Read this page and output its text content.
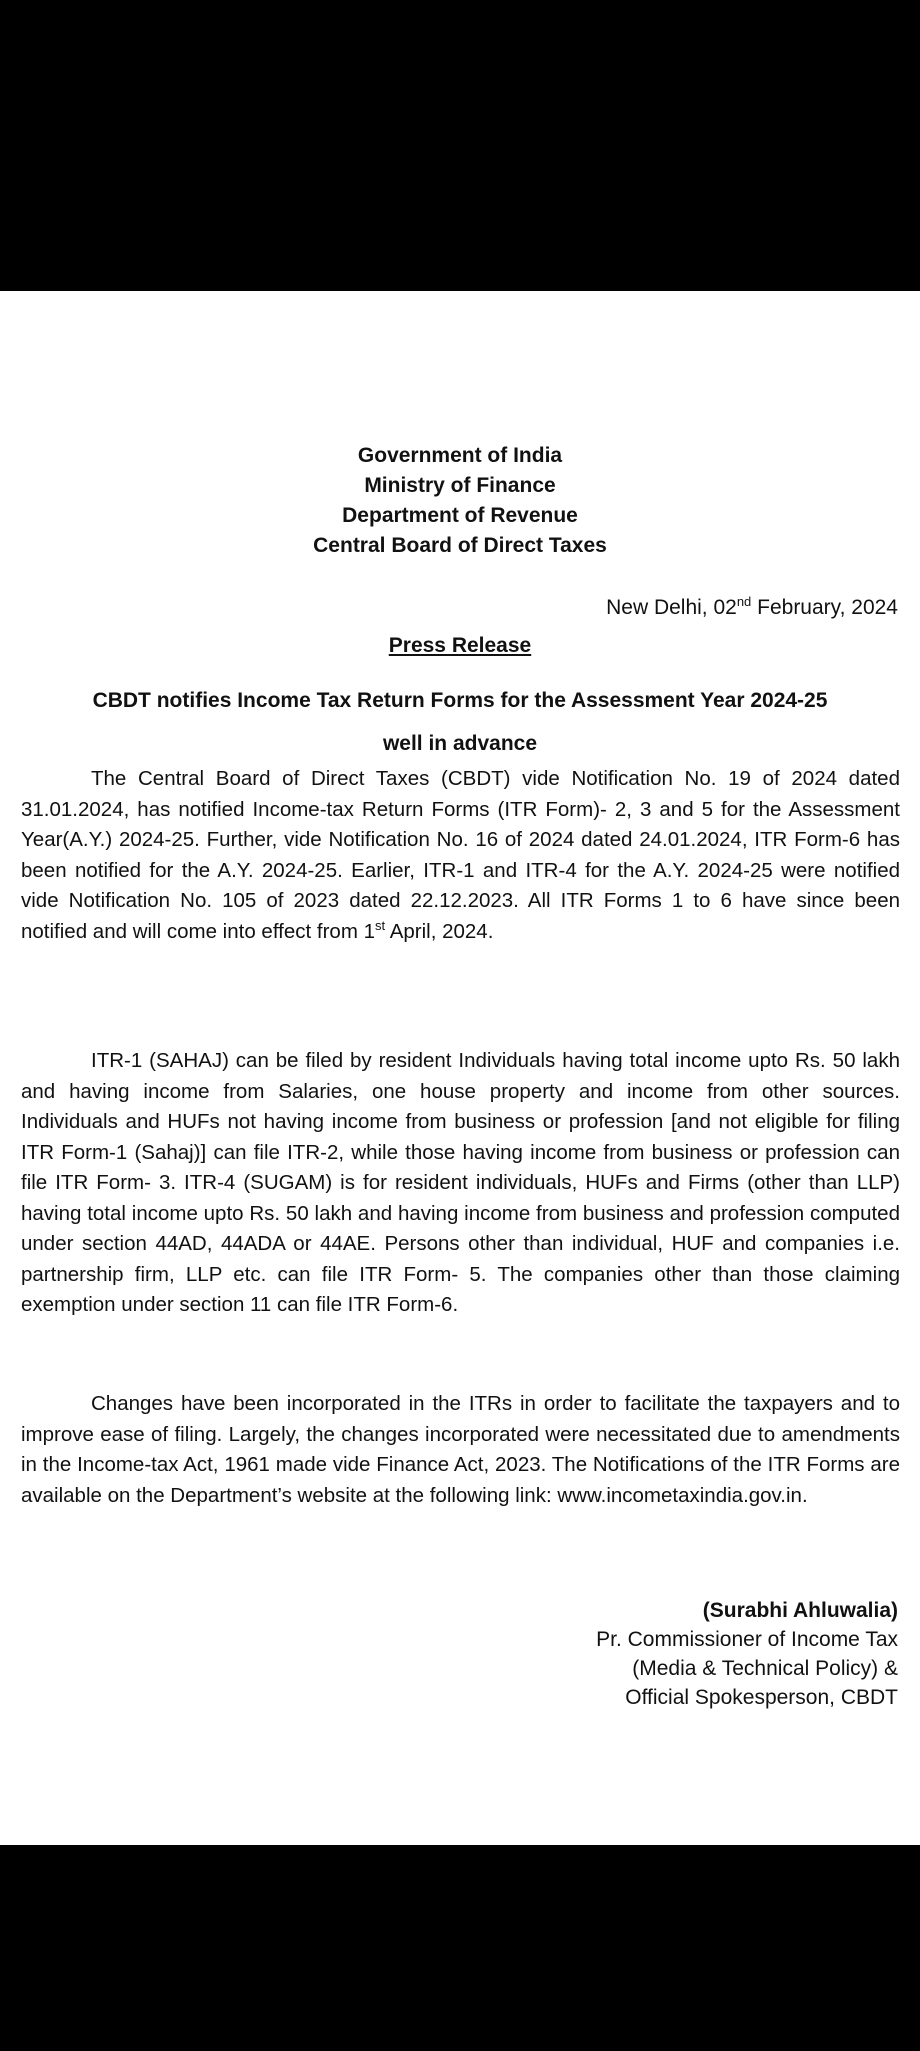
Government of India
Ministry of Finance
Department of Revenue
Central Board of Direct Taxes
New Delhi, 02nd February, 2024
Press Release
CBDT notifies Income Tax Return Forms for the Assessment Year 2024-25
well in advance

The Central Board of Direct Taxes (CBDT) vide Notification No. 19 of 2024 dated 31.01.2024, has notified Income-tax Return Forms (ITR Form)- 2, 3 and 5 for the Assessment Year(A.Y.) 2024-25. Further, vide Notification No. 16 of 2024 dated 24.01.2024, ITR Form-6 has been notified for the A.Y. 2024-25. Earlier, ITR-1 and ITR-4 for the A.Y. 2024-25 were notified vide Notification No. 105 of 2023 dated 22.12.2023. All ITR Forms 1 to 6 have since been notified and will come into effect from 1st April, 2024.

ITR-1 (SAHAJ) can be filed by resident Individuals having total income upto Rs. 50 lakh and having income from Salaries, one house property and income from other sources. Individuals and HUFs not having income from business or profession [and not eligible for filing ITR Form-1 (Sahaj)] can file ITR-2, while those having income from business or profession can file ITR Form- 3. ITR-4 (SUGAM) is for resident individuals, HUFs and Firms (other than LLP) having total income upto Rs. 50 lakh and having income from business and profession computed under section 44AD, 44ADA or 44AE. Persons other than individual, HUF and companies i.e. partnership firm, LLP etc. can file ITR Form- 5. The companies other than those claiming exemption under section 11 can file ITR Form-6.

Changes have been incorporated in the ITRs in order to facilitate the taxpayers and to improve ease of filing. Largely, the changes incorporated were necessitated due to amendments in the Income-tax Act, 1961 made vide Finance Act, 2023. The Notifications of the ITR Forms are available on the Department’s website at the following link: www.incometaxindia.gov.in.

(Surabhi Ahluwalia)
Pr. Commissioner of Income Tax
(Media & Technical Policy) &
Official Spokesperson, CBDT
